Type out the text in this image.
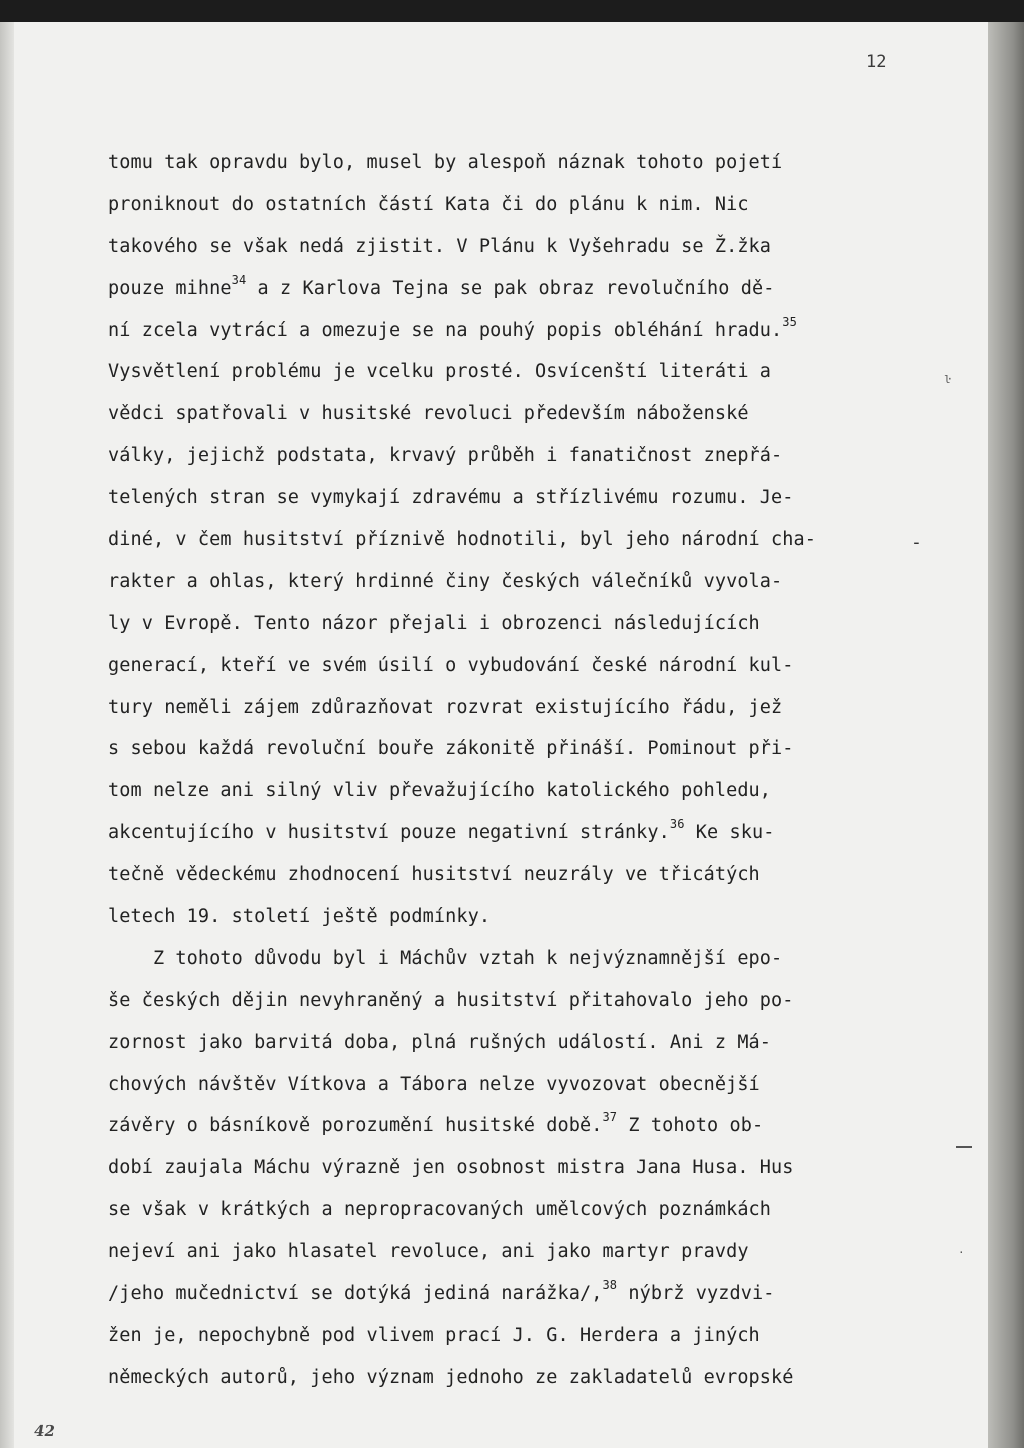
12
tomu tak opravdu bylo, musel by alespoň náznak tohoto pojetí
proniknout do ostatních částí Kata či do plánu k nim. Nic
takového se však nedá zjistit. V Plánu k Vyšehradu se Ž.žka
pouze mihne$^{34}$ a z Karlova Tejna se pak obraz revolučního dě-
ní zcela vytrácí a omezuje se na pouhý popis obléhání hradu.$^{35}$
Vysvětlení problému je vcelku prosté. Osvícenští literáti a
vědci spatřovali v husitské revoluci především náboženské
války, jejichž podstata, krvavý průběh i fanatičnost znepřá-
telených stran se vymykají zdravému a střízlivému rozumu. Je-
diné, v čem husitství příznivě hodnotili, byl jeho národní cha-
rakter a ohlas, který hrdinné činy českých válečníků vyvola-
ly v Evropě. Tento názor přejali i obrozenci následujících
generací, kteří ve svém úsilí o vybudování české národní kul-
tury neměli zájem zdůrazňovat rozvrat existujícího řádu, jež
s sebou každá revoluční bouře zákonitě přináší. Pominout při-
tom nelze ani silný vliv převažujícího katolického pohledu,
akcentujícího v husitství pouze negativní stránky.$^{36}$ Ke sku-
tečně vědeckému zhodnocení husitství neuzrály ve třicátých
letech 19. století ještě podmínky.
Z tohoto důvodu byl i Máchův vztah k nejvýznamnější epo-
še českých dějin nevyhraněný a husitství přitahovalo jeho po-
zornost jako barvitá doba, plná rušných událostí. Ani z Má-
chových návštěv Vítkova a Tábora nelze vyvozovat obecnější
závěry o básníkově porozumění husitské době.$^{37}$ Z tohoto ob-
dobí zaujala Máchu výrazně jen osobnost mistra Jana Husa. Hus
se však v krátkých a nepropracovaných umělcových poznámkách
nejeví ani jako hlasatel revoluce, ani jako martyr pravdy
/jeho mučednictví se dotýká jediná narážka/,$^{38}$ nýbrž vyzdvi-
žen je, nepochybně pod vlivem prací J. G. Herdera a jiných
německých autorů, jeho význam jednoho ze zakladatelů evropské
-
ŀ
·
42
